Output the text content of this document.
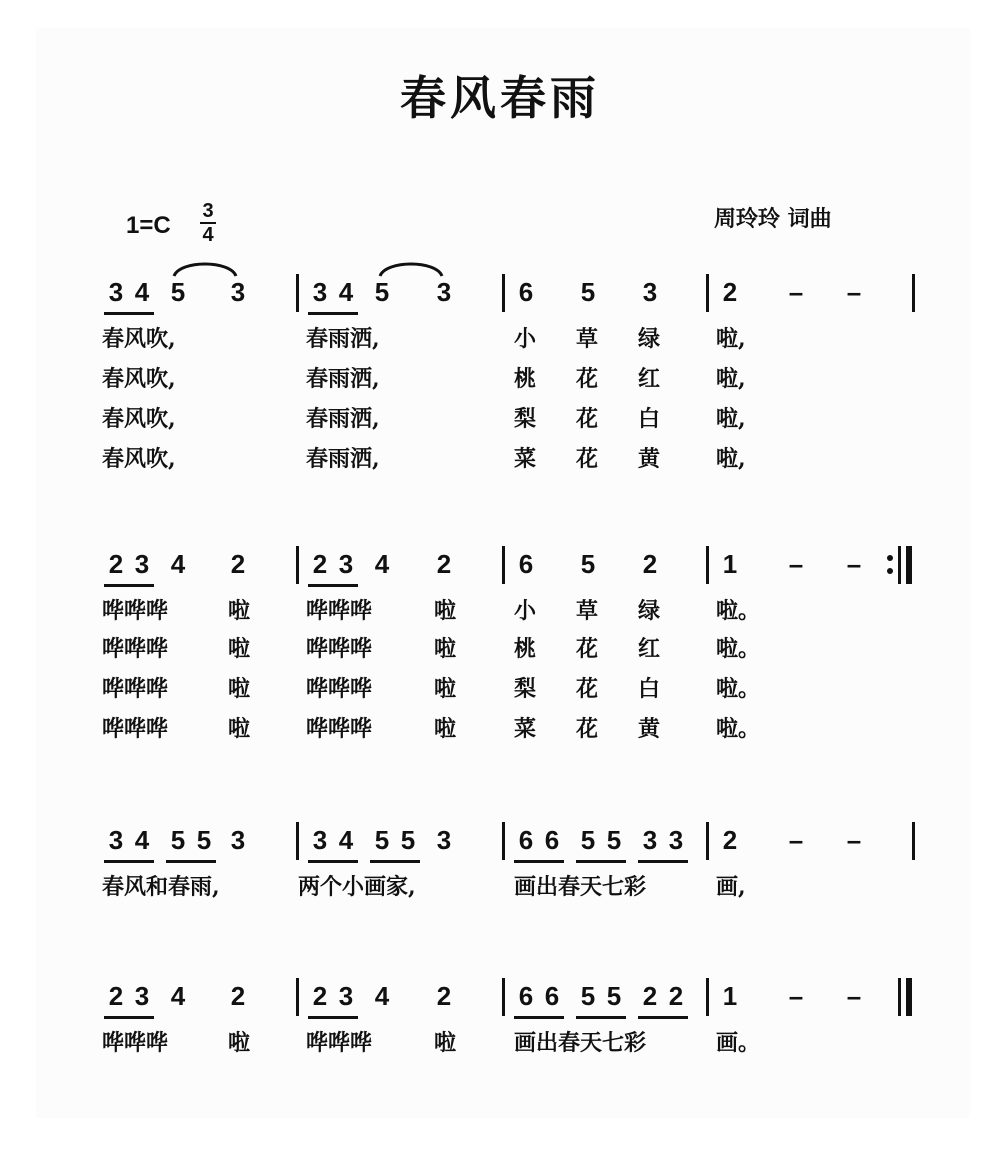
春风春雨
1=C
3
4
周玲玲 词曲
3 4 5 3	3 4 5 3	6 5 3	2 – –
春风吹,	春雨洒,	小 草 绿	啦,
春风吹,	春雨洒,	桃 花 红	啦,
春风吹,	春雨洒,	梨 花 白	啦,
春风吹,	春雨洒,	菜 花 黄	啦,
2 3 4 2	2 3 4 2	6 5 2	1 – –
哗哗哗	啦	哗哗哗	啦	小 草 绿	啦。
哗哗哗	啦	哗哗哗	啦	桃 花 红	啦。
哗哗哗	啦	哗哗哗	啦	梨 花 白	啦。
哗哗哗	啦	哗哗哗	啦	菜 花 黄	啦。
3 4 5 5 3	3 4 5 5 3	6 6 5 5 3 3 2 – –
春风和春雨,	两个小画家,	画出春天七彩	画,
2 3 4 2	2 3 4 2	6 6 5 5 2 2 1 – –
哗哗哗	啦	哗哗哗	啦	画出春天七彩	画。
